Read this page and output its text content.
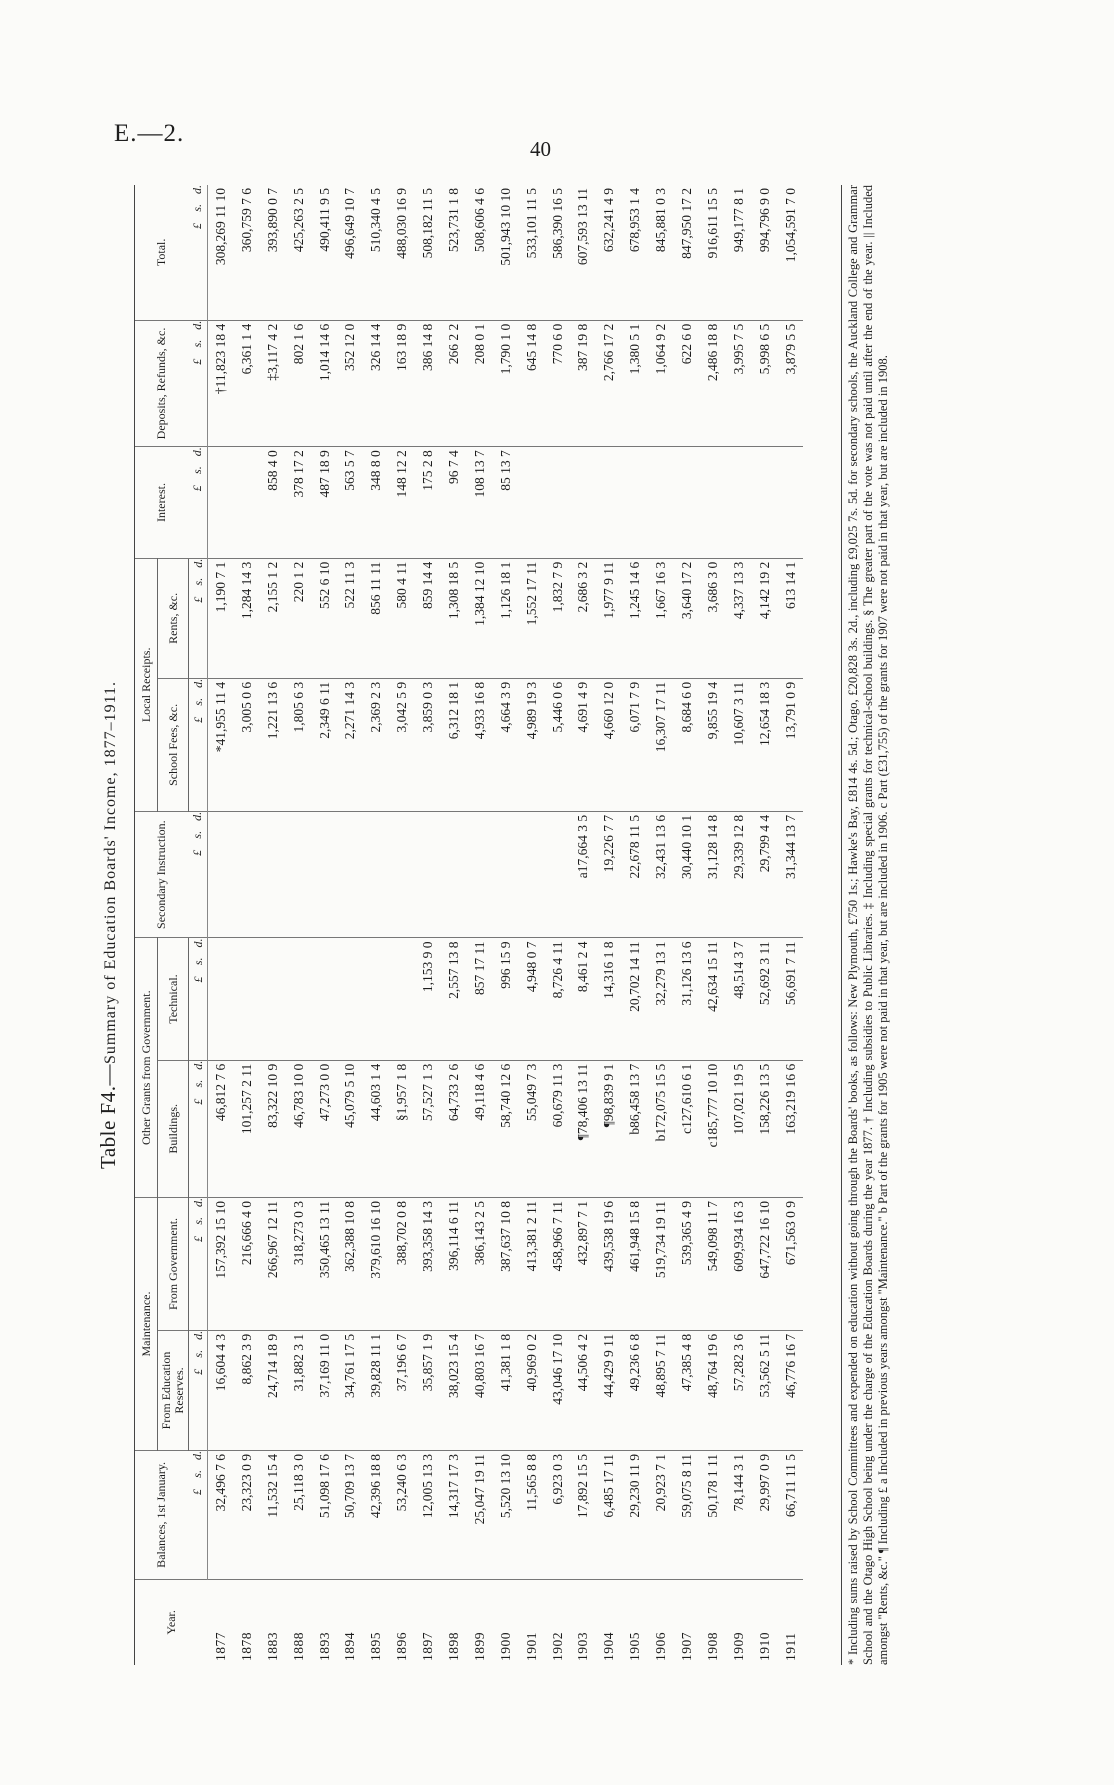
E.—2.
40
Table F4.—Summary of Education Boards' Income, 1877–1911.
Year.	Balances, 1st January.	Maintenance.		Other Grants from Government.		Secondary Instruction.	Local Receipts.		Interest.	Deposits, Refunds, &c.	Total.
		From Education Reserves.	From Government.	Buildings.	Technical.		School Fees, &c.	Rents, &c.			

	£
s.
d.	£
s.
d.	£
s.
d.	£
s.
d.	£
s.
d.	£
s.
d.	£
s.
d.	£
s.
d.	£
s.
d.	£
s.
d.	£
s.
d.

1877	32,496 7 6	16,604 4 3	157,392 15 10	46,812 7 6			*41,955 11 4	1,190 7 1		†11,823 18 4	308,269 11 10
1878	23,323 0 9	8,862 3 9	216,666 4 0	101,257 2 11			3,005 0 6	1,284 14 3		6,361 1 4	360,759 7 6
1883	11,532 15 4	24,714 18 9	266,967 12 11	83,322 10 9			1,221 13 6	2,155 1 2	858 4 0	‡3,117 4 2	393,890 0 7
1888	25,118 3 0	31,882 3 1	318,273 0 3	46,783 10 0			1,805 6 3	220 1 2	378 17 2	802 1 6	425,263 2 5
1893	51,098 17 6	37,169 11 0	350,465 13 11	47,273 0 0			2,349 6 11	552 6 10	487 18 9	1,014 14 6	490,411 9 5
1894	50,709 13 7	34,761 17 5	362,388 10 8	45,079 5 10			2,271 14 3	522 11 3	563 5 7	352 12 0	496,649 10 7
1895	42,396 18 8	39,828 11 1	379,610 16 10	44,603 1 4			2,369 2 3	856 11 11	348 8 0	326 14 4	510,340 4 5
1896	53,240 6 3	37,196 6 7	388,702 0 8	§1,957 1 8			3,042 5 9	580 4 11	148 12 2	163 18 9	488,030 16 9
1897	12,005 13 3	35,857 1 9	393,358 14 3	57,527 1 3	1,153 9 0		3,859 0 3	859 14 4	175 2 8	386 14 8	508,182 11 5
1898	14,317 17 3	38,023 15 4	396,114 6 11	64,733 2 6	2,557 13 8		6,312 18 1	1,308 18 5	96 7 4	266 2 2	523,731 1 8
1899	25,047 19 11	40,803 16 7	386,143 2 5	49,118 4 6	857 17 11		4,933 16 8	1,384 12 10	108 13 7	208 0 1	508,606 4 6
1900	5,520 13 10	41,381 1 8	387,637 10 8	58,740 12 6	996 15 9		4,664 3 9	1,126 18 1	85 13 7	1,790 1 0	501,943 10 10
1901	11,565 8 8	40,969 0 2	413,381 2 11	55,049 7 3	4,948 0 7		4,989 19 3	1,552 17 11		645 14 8	533,101 11 5
1902	6,923 0 3	43,046 17 10	458,966 7 11	60,679 11 3	8,726 4 11		5,446 0 6	1,832 7 9		770 6 0	586,390 16 5
1903	17,892 15 5	44,506 4 2	432,897 7 1	¶78,406 13 11	8,461 2 4	a17,664 3 5	4,691 4 9	2,686 3 2		387 19 8	607,593 13 11
1904	6,485 17 11	44,429 9 11	439,538 19 6	¶98,839 9 1	14,316 1 8	19,226 7 7	4,660 12 0	1,977 9 11		2,766 17 2	632,241 4 9
1905	29,230 11 9	49,236 6 8	461,948 15 8	b86,458 13 7	20,702 14 11	22,678 11 5	6,071 7 9	1,245 14 6		1,380 5 1	678,953 1 4
1906	20,923 7 1	48,895 7 11	519,734 19 11	b172,075 15 5	32,279 13 1	32,431 13 6	16,307 17 11	1,667 16 3		1,064 9 2	845,881 0 3
1907	59,075 8 11	47,385 4 8	539,365 4 9	c127,610 6 1	31,126 13 6	30,440 10 1	8,684 6 0	3,640 17 2		622 6 0	847,950 17 2
1908	50,178 1 11	48,764 19 6	549,098 11 7	c185,777 10 10	42,634 15 11	31,128 14 8	9,855 19 4	3,686 3 0		2,486 18 8	916,611 15 5
1909	78,144 3 1	57,282 3 6	609,934 16 3	107,021 19 5	48,514 3 7	29,339 12 8	10,607 3 11	4,337 13 3		3,995 7 5	949,177 8 1
1910	29,997 0 9	53,562 5 11	647,722 16 10	158,226 13 5	52,692 3 11	29,799 4 4	12,654 18 3	4,142 19 2		5,998 6 5	994,796 9 0
1911	66,711 11 5	46,776 16 7	671,563 0 9	163,219 16 6	56,691 7 11	31,344 13 7	13,791 0 9	613 14 1		3,879 5 5	1,054,591 7 0	* Including sums raised by School Committees and expended on education without going through the Boards' books, as follows: New Plymouth, £750 1s.; Hawke's Bay, £814 4s. 5d.; Otago, £20,828 3s. 2d., including £9,025 7s. 5d. for secondary schools, the Auckland College and Grammar School and the Otago High School being under the charge of the Education Boards during the year 1877. † Including subsidies to Public Libraries. ‡ Including special grants for technical-school buildings. § The greater part of the vote was not paid until after the end of the year. || Included amongst "Rents, &c." ¶ Including £ a Included in previous years amongst "Maintenance." b Part of the grants for 1905 were not paid in that year, but are included in 1906. c Part (£31,755) of the grants for 1907 were not paid in that year, but are included in 1908.
